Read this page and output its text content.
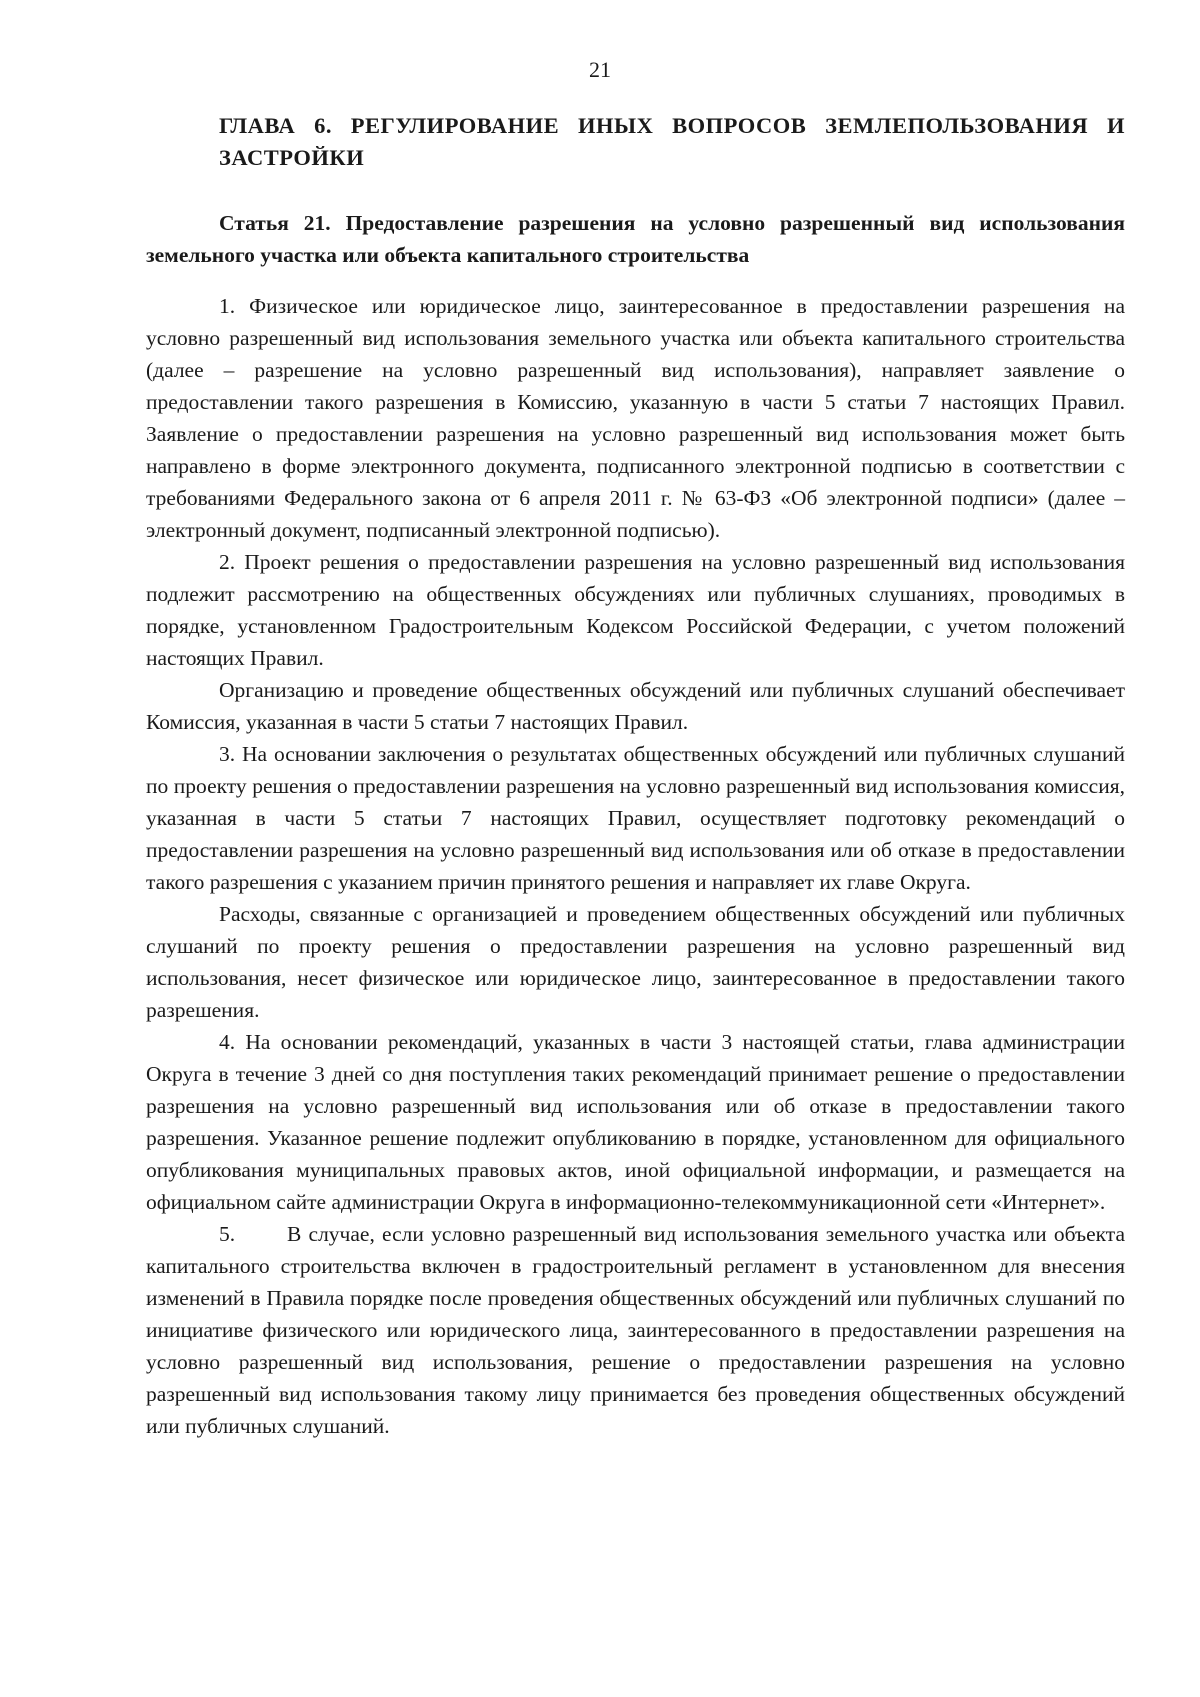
21
ГЛАВА 6. РЕГУЛИРОВАНИЕ ИНЫХ ВОПРОСОВ ЗЕМЛЕПОЛЬЗОВАНИЯ И ЗАСТРОЙКИ
Статья 21. Предоставление разрешения на условно разрешенный вид использования земельного участка или объекта капитального строительства

1. Физическое или юридическое лицо, заинтересованное в предоставлении разрешения на условно разрешенный вид использования земельного участка или объекта капитального строительства (далее – разрешение на условно разрешенный вид использования), направляет заявление о предоставлении такого разрешения в Комиссию, указанную в части 5 статьи 7 настоящих Правил. Заявление о предоставлении разрешения на условно разрешенный вид использования может быть направлено в форме электронного документа, подписанного электронной подписью в соответствии с требованиями Федерального закона от 6 апреля 2011 г. № 63-ФЗ «Об электронной подписи» (далее – электронный документ, подписанный электронной подписью).

2. Проект решения о предоставлении разрешения на условно разрешенный вид использования подлежит рассмотрению на общественных обсуждениях или публичных слушаниях, проводимых в порядке, установленном Градостроительным Кодексом Российской Федерации, с учетом положений настоящих Правил.

Организацию и проведение общественных обсуждений или публичных слушаний обеспечивает Комиссия, указанная в части 5 статьи 7 настоящих Правил.

3. На основании заключения о результатах общественных обсуждений или публичных слушаний по проекту решения о предоставлении разрешения на условно разрешенный вид использования комиссия, указанная в части 5 статьи 7 настоящих Правил, осуществляет подготовку рекомендаций о предоставлении разрешения на условно разрешенный вид использования или об отказе в предоставлении такого разрешения с указанием причин принятого решения и направляет их главе Округа.

Расходы, связанные с организацией и проведением общественных обсуждений или публичных слушаний по проекту решения о предоставлении разрешения на условно разрешенный вид использования, несет физическое или юридическое лицо, заинтересованное в предоставлении такого разрешения.

4. На основании рекомендаций, указанных в части 3 настоящей статьи, глава администрации Округа в течение 3 дней со дня поступления таких рекомендаций принимает решение о предоставлении разрешения на условно разрешенный вид использования или об отказе в предоставлении такого разрешения. Указанное решение подлежит опубликованию в порядке, установленном для официального опубликования муниципальных правовых актов, иной официальной информации, и размещается на официальном сайте администрации Округа в информационно-телекоммуникационной сети «Интернет».

5. В случае, если условно разрешенный вид использования земельного участка или объекта капитального строительства включен в градостроительный регламент в установленном для внесения изменений в Правила порядке после проведения общественных обсуждений или публичных слушаний по инициативе физического или юридического лица, заинтересованного в предоставлении разрешения на условно разрешенный вид использования, решение о предоставлении разрешения на условно разрешенный вид использования такому лицу принимается без проведения общественных обсуждений или публичных слушаний.
